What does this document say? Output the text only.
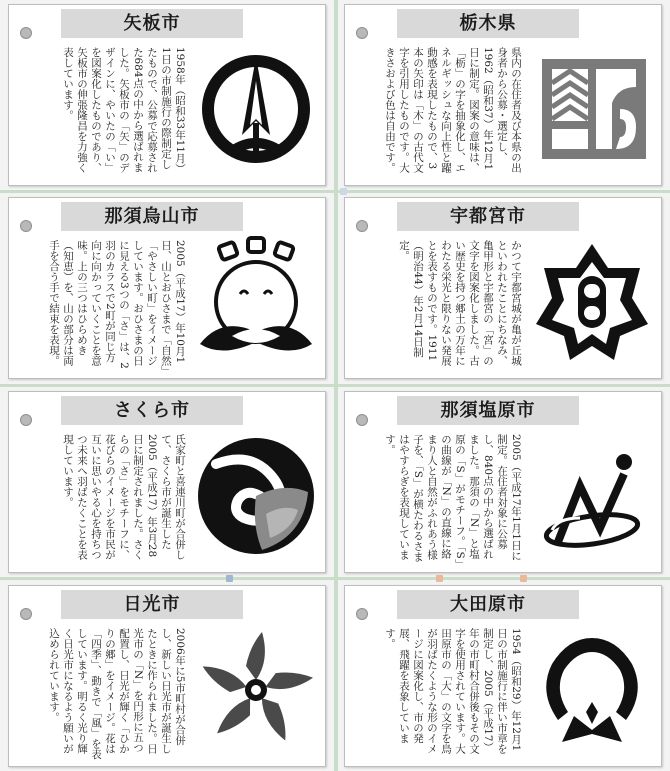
矢板市
1958年（昭和33年11月）1日の市制施行の際制定したもので、公募で応募された684点の中から選ばれました。矢板市の「矢」のデザインに、やいたの「い」を図案化したものであり、矢板市の伸張隆昌を力強く表しています。
栃木県
県内の在住者及び本県の出身者から公募・選定し、1962（昭和37）年12月1日に制定。図案の意味は、「栃」の字を抽象化し、エネルギッシュな向上性と躍動感を表現したもので、3本の矢印は「木」の古代文字を引用したものです。大きさおよび色は自由です。
那須烏山市
2005（平成17）年10月1日、山とおひさまで「自然」「やさしい町」をイメージしています。おひさまの日に見える3つの「さ」は、2羽のカラスで2町が同じ方向に向かっていくことを意味。上の三つはひらめき（知恵）を、山の部分は両手を合う手で結束を表現。
宇都宮市
かつて宇都宮城が亀が丘城といわれたことにちなみ、亀甲形と宇都宮の「宮」の文字を図案化しました。古い歴史を持つ郷土の万年にわたる栄光と限りない発展とを表すものです。1911（明治44）年2月14日制定。
さくら市
氏家町と喜連川町が合併して、さくら市が誕生した2005（平成17）年3月28日に制定されました。さくらの「さ」をモチーフに、花びらのイメージを市民が互いに思いやる心を持ちつつ未来へ羽ばたくことを表現しています。
那須塩原市
2005（平成17年1月1日に制定。在住者対象に公募し、840点の中から選ばれました。那須の「N」と塩原の「S」がモチーフ。「S」の曲線が「N」の直線に絡まり人と自然がふれあう様子を、「S」が横たわるさまはやすらぎを表現しています。
日光市
2006年に5市町村が合併し、新しい日光市が誕生したときに作られました。日光市の「N」を円形に五つ配置し、日光が輝く「ひかりの郷」をイメージ。花は「四季」、動きで「風」を表しています。明るく光り輝く日光市になるよう願いが込められています。
大田原市
1954（昭和29）年12月1日の市制施行に伴い市章を制定し、2005（平成17）年の市町村合併後もその文字を使用されています。大田原市の「大」の文字を鳥が羽ばたくような形のイメージに図案化し、市の発展、飛躍を表象しています。
